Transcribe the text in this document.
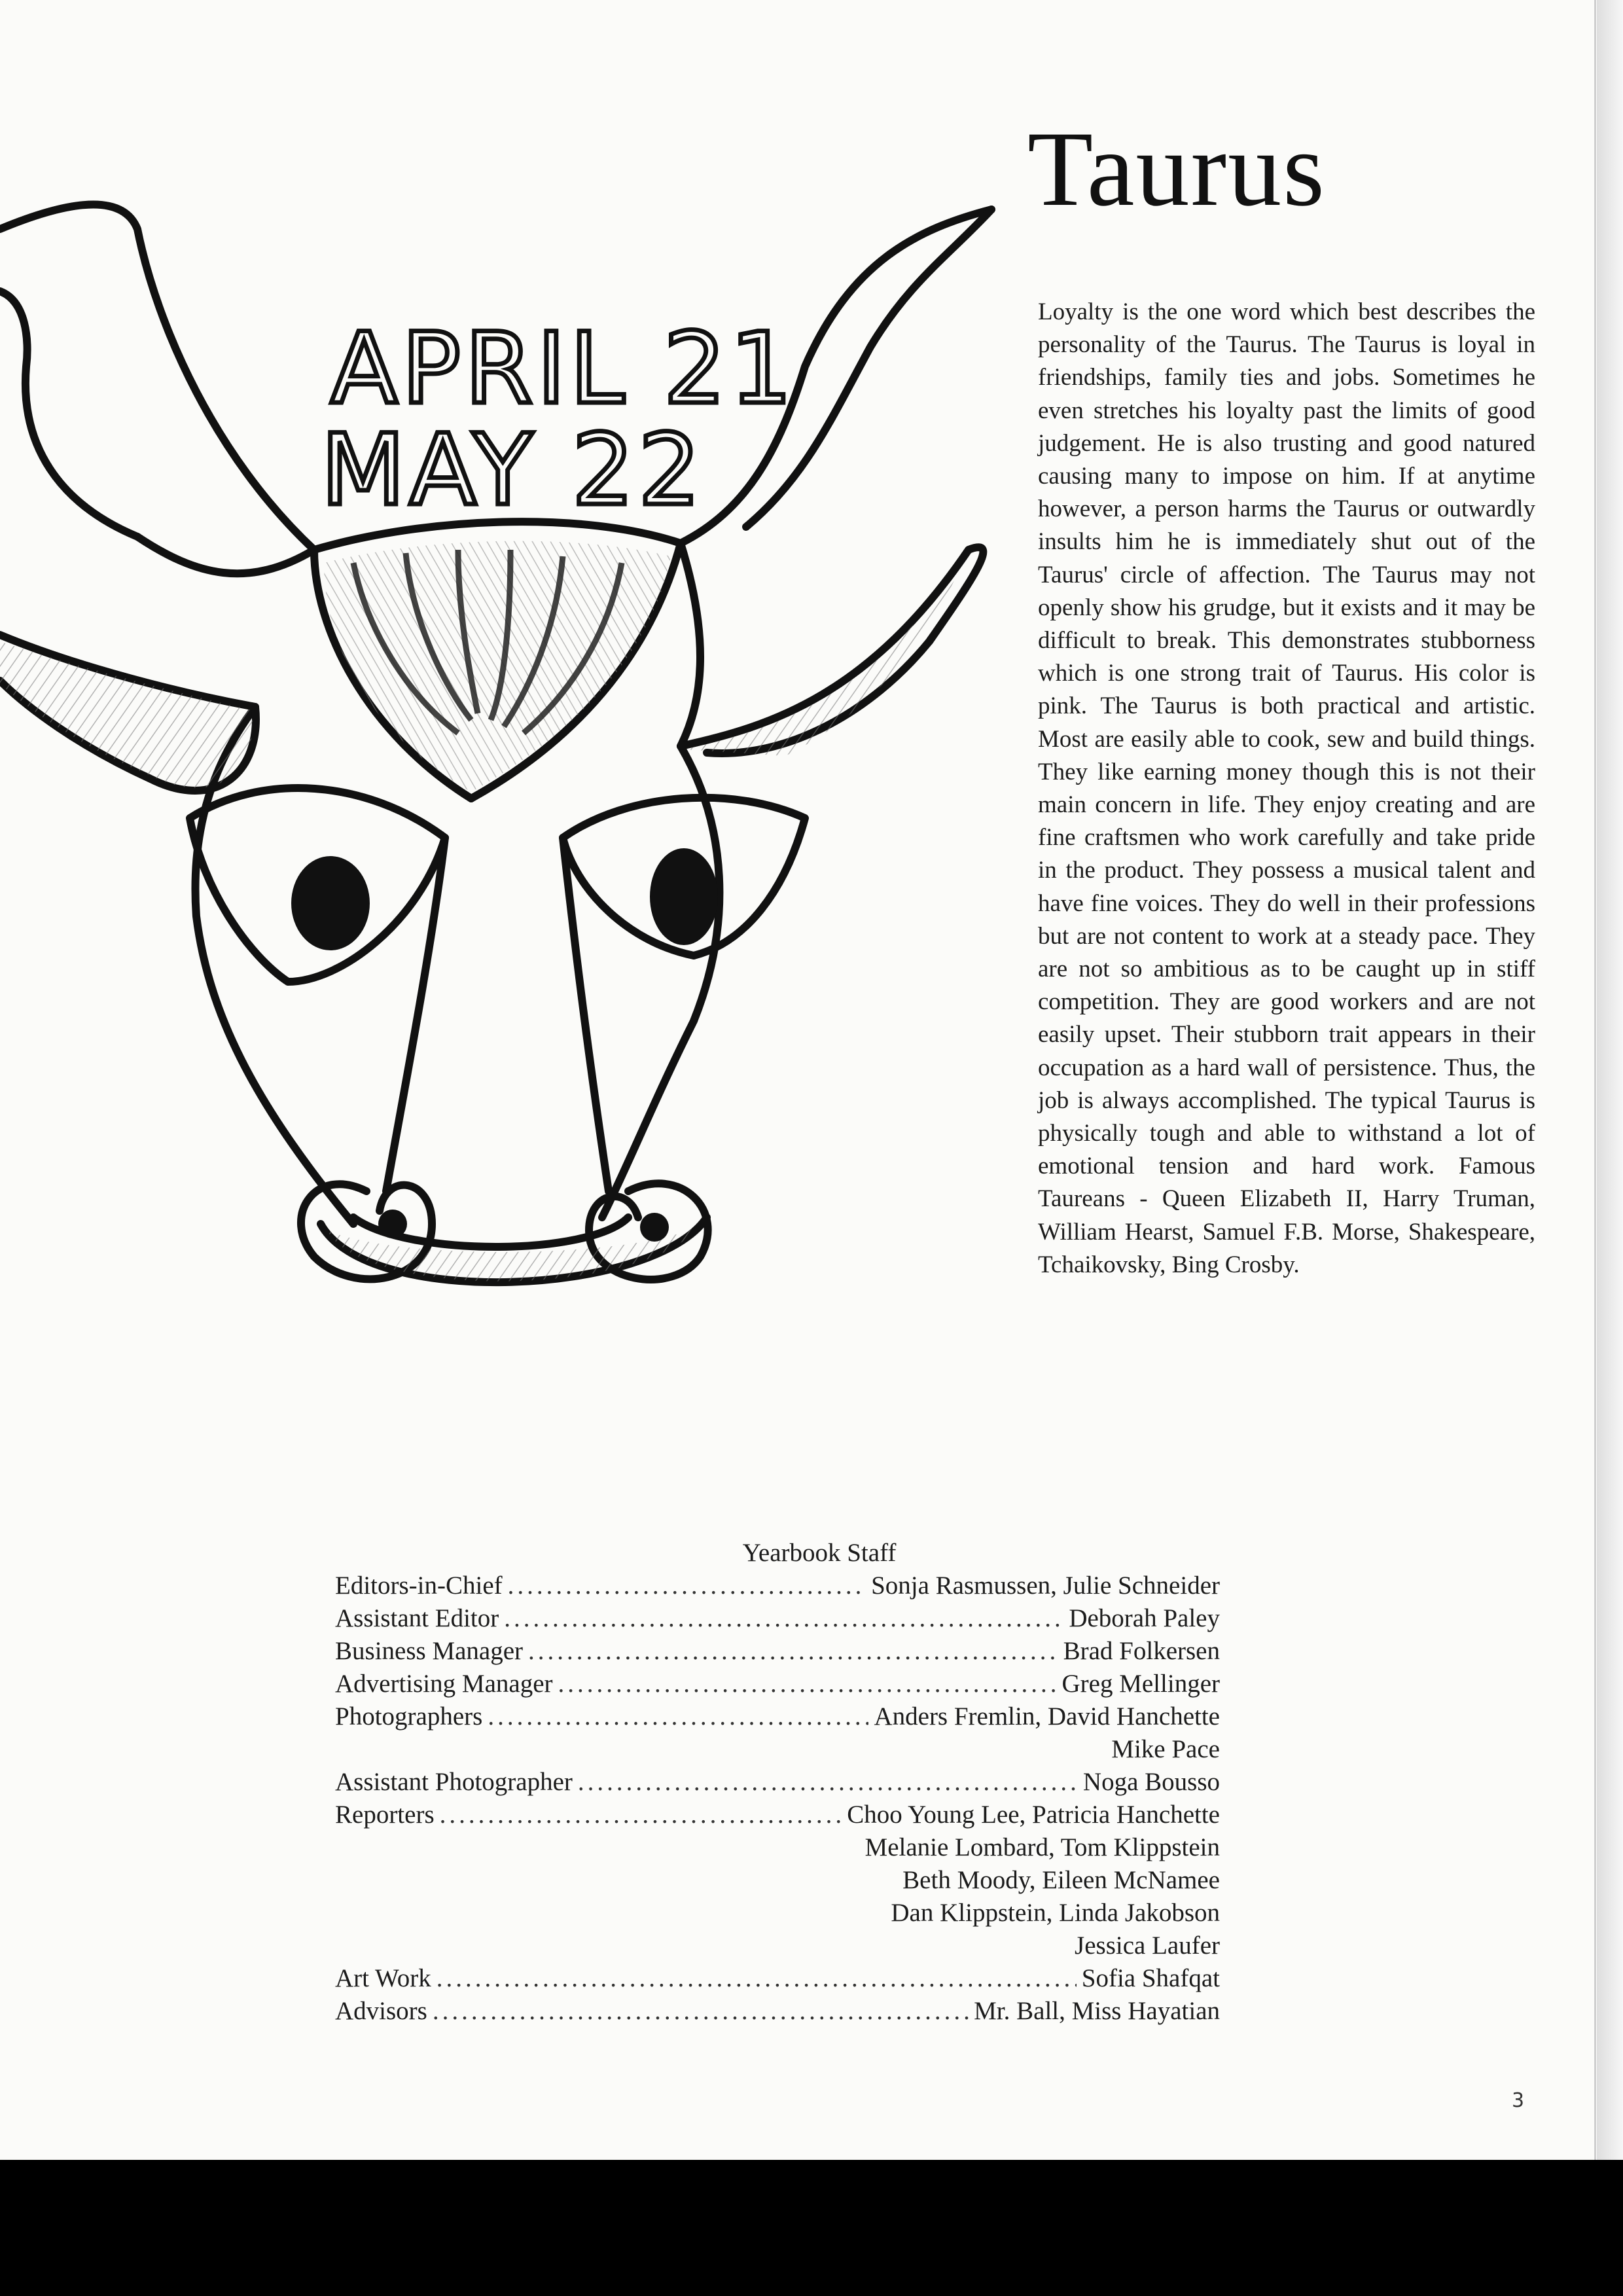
APRIL 21
MAY 22
Taurus

Loyalty is the one word which best describes the personality of the Taurus. The Taurus is loyal in friendships, family ties and jobs. Sometimes he even stretches his loyalty past the limits of good judgement. He is also trusting and good natured causing many to impose on him. If at anytime however, a person harms the Taurus or outwardly insults him he is immediately shut out of the Taurus' circle of affection. The Taurus may not openly show his grudge, but it exists and it may be difficult to break. This demonstrates stubborness which is one strong trait of Taurus. His color is pink. The Taurus is both practical and artistic. Most are easily able to cook, sew and build things. They like earning money though this is not their main concern in life. They enjoy creating and are fine craftsmen who work carefully and take pride in the product. They possess a musical talent and have fine voices. They do well in their professions but are not content to work at a steady pace. They are not so ambitious as to be caught up in stiff competition. They are good workers and are not easily upset. Their stubborn trait appears in their occupation as a hard wall of persistence. Thus, the job is always accomplished. The typical Taurus is physically tough and able to withstand a lot of emotional tension and hard work. Famous Taureans - Queen Elizabeth II, Harry Truman, William Hearst, Samuel F.B. Morse, Shakespeare, Tchaikovsky, Bing Crosby.

Yearbook Staff
Editors-in-Chief .....	Sonja Rasmussen, Julie Schneider
Assistant Editor .....	Deborah Paley
Business Manager .....	Brad Folkersen
Advertising Manager .....	Greg Mellinger
Photographers .....	Anders Fremlin, David Hanchette
Mike Pace
Assistant Photographer .....	Noga Bousso
Reporters .....	Choo Young Lee, Patricia Hanchette
Melanie Lombard, Tom Klippstein
Beth Moody, Eileen McNamee
Dan Klippstein, Linda Jakobson
Jessica Laufer
Art Work .....	Sofia Shafqat
Advisors .....	Mr. Ball, Miss Hayatian
3
